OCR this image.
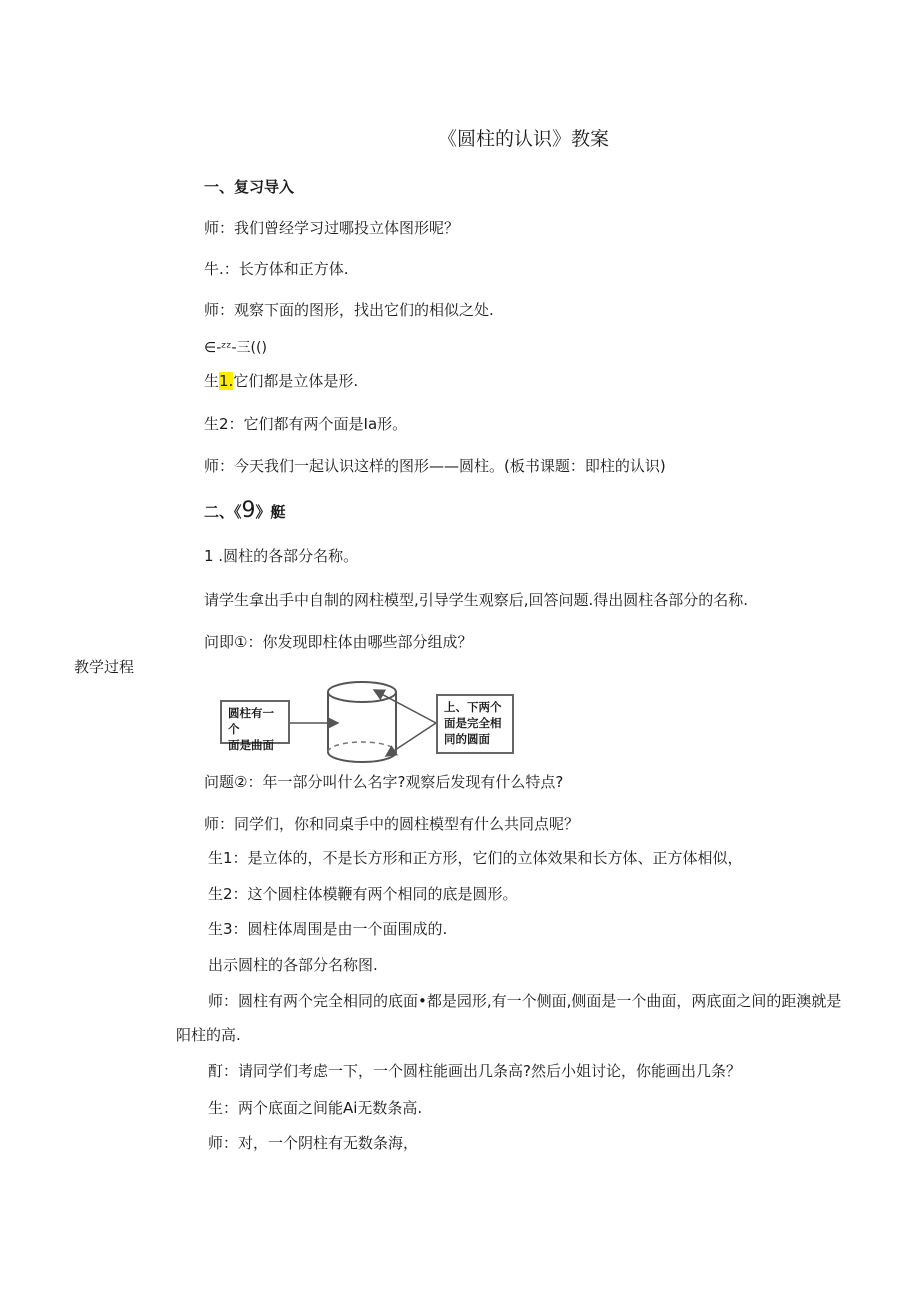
《圆柱的认识》教案
教学过程
一、复习导入
师：我们曾经学习过哪投立体图形呢？
牛.：长方体和正方体.
师：观察下面的图形，找出它们的相似之处.
∈-ᶻᶻ-三(()
生1.它们都是立体是形.
生2：它们都有两个面是Ia形。
师：今天我们一起认识这样的图形——圆柱。(板书课题：即柱的认识)
二、《9》艇
1 .圆柱的各部分名称。
请学生拿出手中自制的网柱模型,引导学生观察后,回答问题.得出圆柱各部分的名称.
问即①：你发现即柱体由哪些部分组成？
圆柱有一个
面是曲面
上、下两个
面是完全相
同的圆面
问题②：年一部分叫什么名字?观察后发现有什么特点?
师：同学们，你和同桌手中的圆柱模型有什么共同点呢？
生1：是立体的，不是长方形和正方形，它们的立体效果和长方体、正方体相似，
生2：这个圆柱体模鞭有两个相同的底是圆形。
生3：圆柱体周围是由一个面围成的.
出示圆柱的各部分名称图.
师：圆柱有两个完全相同的底面•都是园形,有一个侧面,侧面是一个曲面，两底面之间的距澳就是
阳柱的高.
酊：请同学们考虑一下，一个圆柱能画出几条高?然后小姐讨论，你能画出几条？
生：两个底面之间能Ai无数条高.
师：对，一个阴柱有无数条海，
